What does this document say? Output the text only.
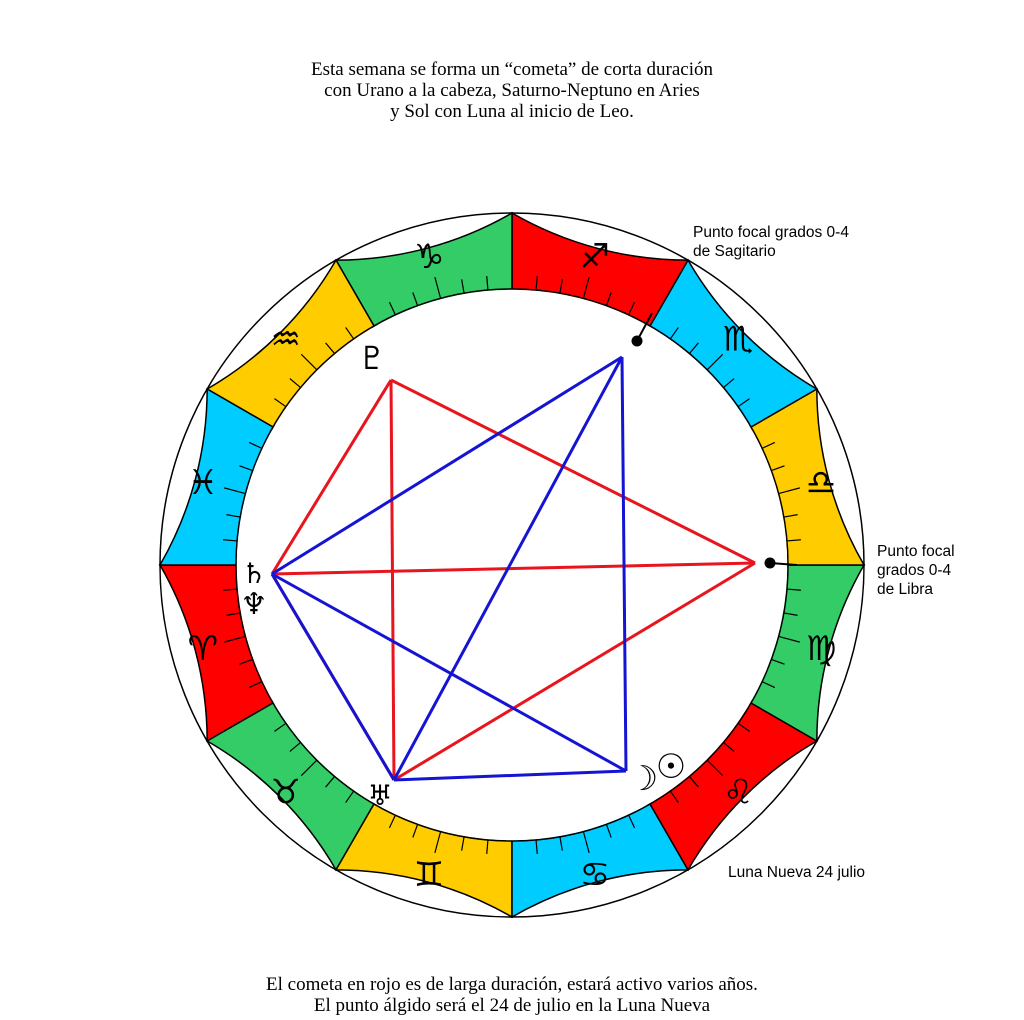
Esta semana se forma un “cometa” de corta duración
con Urano a la cabeza, Saturno-Neptuno en Aries
y Sol con Luna al inicio de Leo.
♈
♉
♊	♋
♌
♍
♎
♏
♐
♑
♒
♓
♇
♄
♆
♅	☽
☉
Punto focal grados 0-4
de Sagitario
Punto focal
grados 0-4
de Libra
Luna Nueva 24 julio
El cometa en rojo es de larga duración, estará activo varios años.
El punto álgido será el 24 de julio en la Luna Nueva
